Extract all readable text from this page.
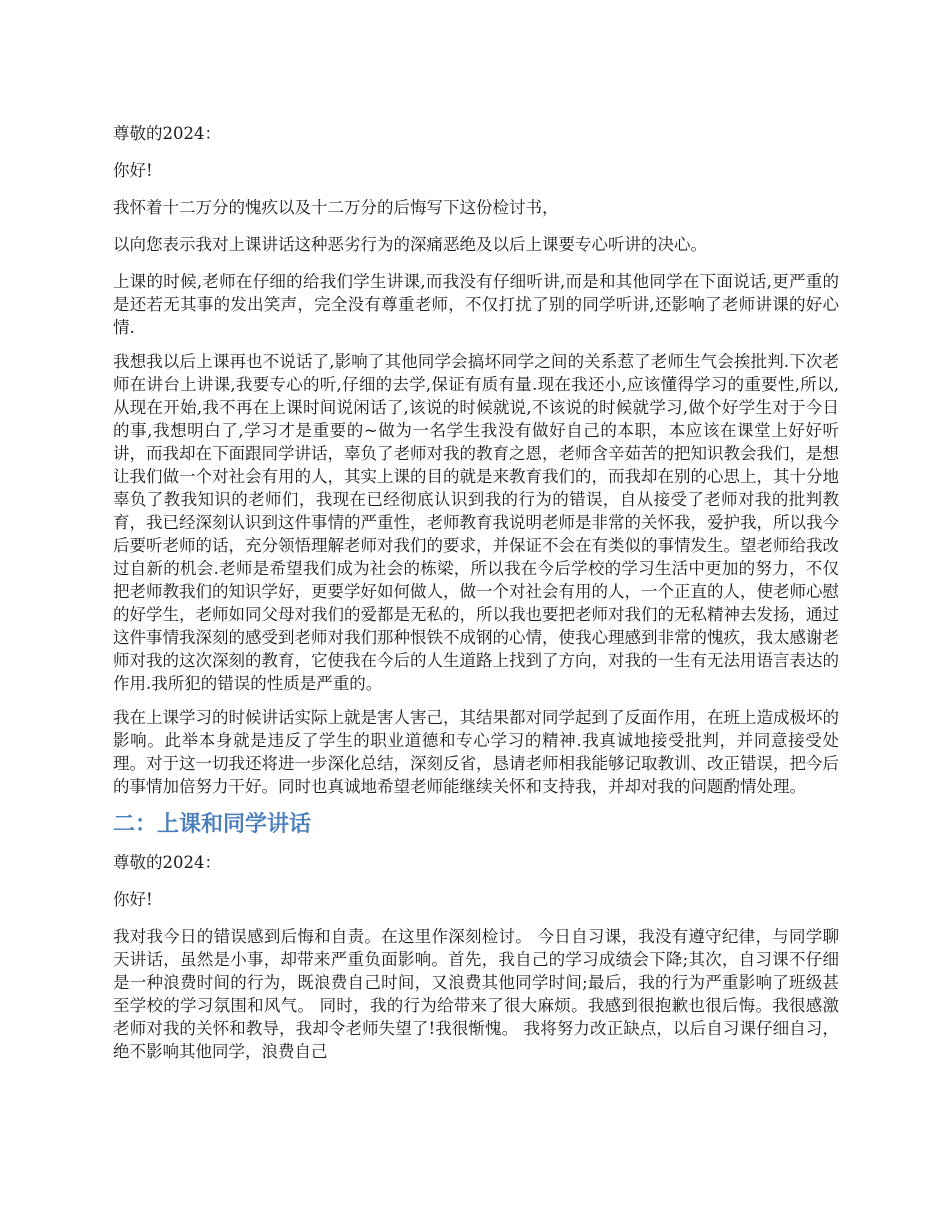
尊敬的2024：

你好!

我怀着十二万分的愧疚以及十二万分的后悔写下这份检讨书，

以向您表示我对上课讲话这种恶劣行为的深痛恶绝及以后上课要专心听讲的决心。

上课的时候,老师在仔细的给我们学生讲课,而我没有仔细听讲,而是和其他同学在下面说话,更严重的是还若无其事的发出笑声，完全没有尊重老师，不仅打扰了别的同学听讲,还影响了老师讲课的好心情.

我想我以后上课再也不说话了,影响了其他同学会搞坏同学之间的关系惹了老师生气会挨批判.下次老师在讲台上讲课,我要专心的听,仔细的去学,保证有质有量.现在我还小,应该懂得学习的重要性,所以,从现在开始,我不再在上课时间说闲话了,该说的时候就说,不该说的时候就学习,做个好学生对于今日的事,我想明白了,学习才是重要的~做为一名学生我没有做好自己的本职，本应该在课堂上好好听讲，而我却在下面跟同学讲话，辜负了老师对我的教育之恩，老师含辛茹苦的把知识教会我们，是想让我们做一个对社会有用的人，其实上课的目的就是来教育我们的，而我却在别的心思上，其十分地辜负了教我知识的老师们，我现在已经彻底认识到我的行为的错误，自从接受了老师对我的批判教育，我已经深刻认识到这件事情的严重性，老师教育我说明老师是非常的关怀我，爱护我，所以我今后要听老师的话，充分领悟理解老师对我们的要求，并保证不会在有类似的事情发生。望老师给我改过自新的机会.老师是希望我们成为社会的栋梁，所以我在今后学校的学习生活中更加的努力，不仅把老师教我们的知识学好，更要学好如何做人，做一个对社会有用的人，一个正直的人，使老师心慰的好学生，老师如同父母对我们的爱都是无私的，所以我也要把老师对我们的无私精神去发扬，通过这件事情我深刻的感受到老师对我们那种恨铁不成钢的心情，使我心理感到非常的愧疚，我太感谢老师对我的这次深刻的教育，它使我在今后的人生道路上找到了方向，对我的一生有无法用语言表达的作用.我所犯的错误的性质是严重的。

我在上课学习的时候讲话实际上就是害人害己，其结果都对同学起到了反面作用，在班上造成极坏的影响。此举本身就是违反了学生的职业道德和专心学习的精神.我真诚地接受批判，并同意接受处理。对于这一切我还将进一步深化总结，深刻反省，恳请老师相我能够记取教训、改正错误，把今后的事情加倍努力干好。同时也真诚地希望老师能继续关怀和支持我，并却对我的问题酌情处理。

二：上课和同学讲话

尊敬的2024：

你好!

我对我今日的错误感到后悔和自责。在这里作深刻检讨。 今日自习课，我没有遵守纪律，与同学聊天讲话，虽然是小事，却带来严重负面影响。首先，我自己的学习成绩会下降;其次，自习课不仔细是一种浪费时间的行为，既浪费自己时间，又浪费其他同学时间;最后，我的行为严重影响了班级甚至学校的学习氛围和风气。 同时，我的行为给带来了很大麻烦。我感到很抱歉也很后悔。我很感激老师对我的关怀和教导，我却令老师失望了!我很惭愧。 我将努力改正缺点，以后自习课仔细自习，绝不影响其他同学，浪费自己
